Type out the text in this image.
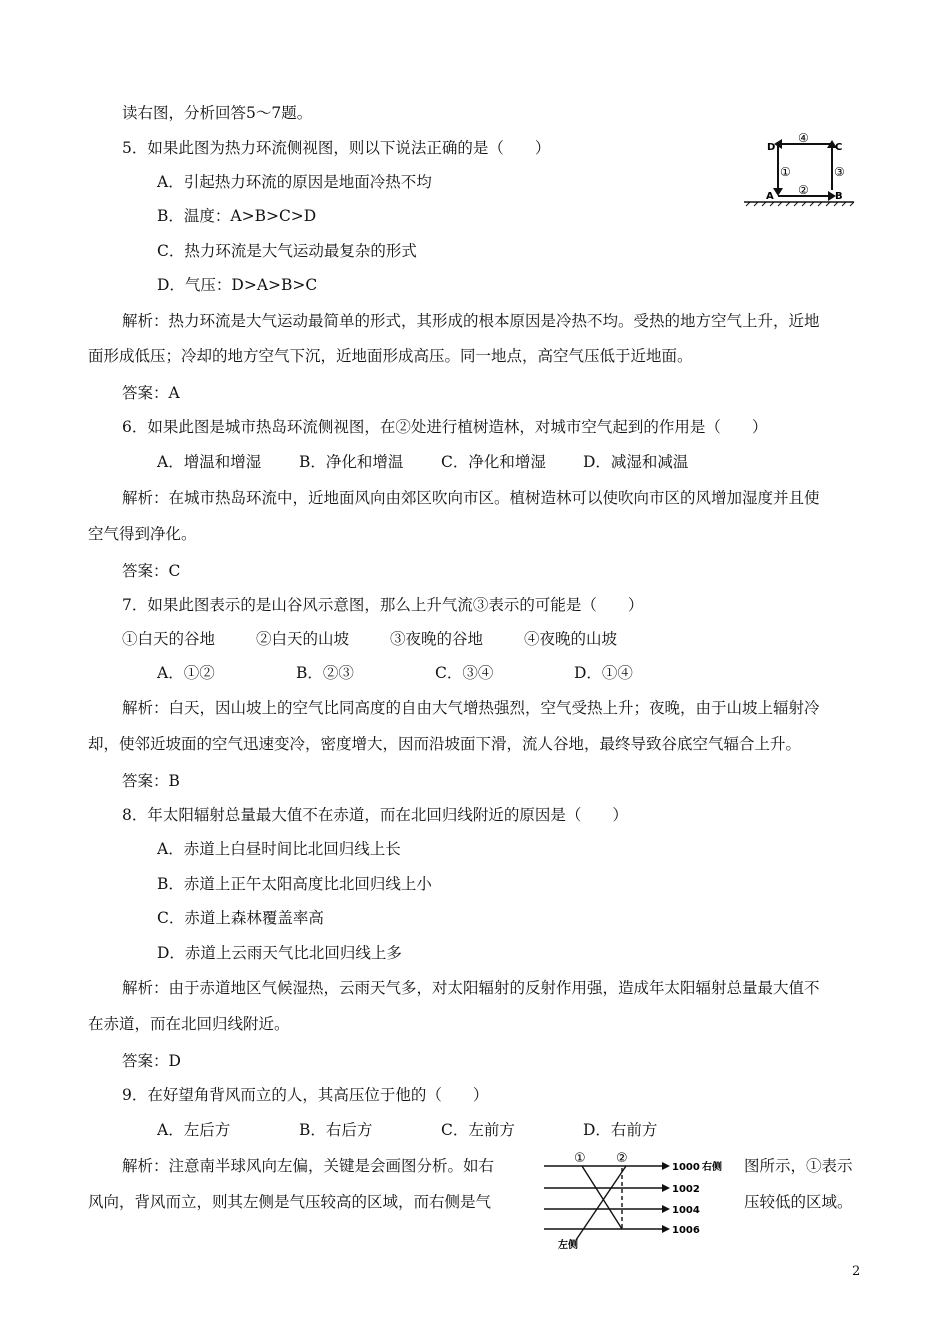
读右图，分析回答5～7题。
5．如果此图为热力环流侧视图，则以下说法正确的是（　　）
A．引起热力环流的原因是地面冷热不均
B．温度：A>B>C>D
C．热力环流是大气运动最复杂的形式
D．气压：D>A>B>C
解析：热力环流是大气运动最简单的形式，其形成的根本原因是冷热不均。受热的地方空气上升，近地
面形成低压；冷却的地方空气下沉，近地面形成高压。同一地点，高空气压低于近地面。
答案：A
A	B
C
D
①
②
③
④
6．如果此图是城市热岛环流侧视图，在②处进行植树造林，对城市空气起到的作用是（　　）
A．增温和增湿 B．净化和增温 C．净化和增湿 D．减湿和减温
解析：在城市热岛环流中，近地面风向由郊区吹向市区。植树造林可以使吹向市区的风增加湿度并且使
空气得到净化。
答案：C
7．如果此图表示的是山谷风示意图，那么上升气流③表示的可能是（　　）
①白天的谷地	②白天的山坡	③夜晚的谷地	④夜晚的山坡
A．①②	B．②③	C．③④	D．①④
解析：白天，因山坡上的空气比同高度的自由大气增热强烈，空气受热上升；夜晚，由于山坡上辐射冷
却，使邻近坡面的空气迅速变冷，密度增大，因而沿坡面下滑，流人谷地，最终导致谷底空气辐合上升。
答案：B
8．年太阳辐射总量最大值不在赤道，而在北回归线附近的原因是（　　）
A．赤道上白昼时间比北回归线上长
B．赤道上正午太阳高度比北回归线上小
C．赤道上森林覆盖率高
D．赤道上云雨天气比北回归线上多
解析：由于赤道地区气候湿热，云雨天气多，对太阳辐射的反射作用强，造成年太阳辐射总量最大值不
在赤道，而在北回归线附近。
答案：D
9．在好望角背风而立的人，其高压位于他的（　　）
A．左后方	B．右后方	C．左前方	D．右前方
解析：注意南半球风向左偏，关键是会画图分析。如右	图所示，①表示
风向，背风而立，则其左侧是气压较高的区域，而右侧是气	压较低的区域。
① ②
1000 右侧
1002
1004
1006
左侧
2
